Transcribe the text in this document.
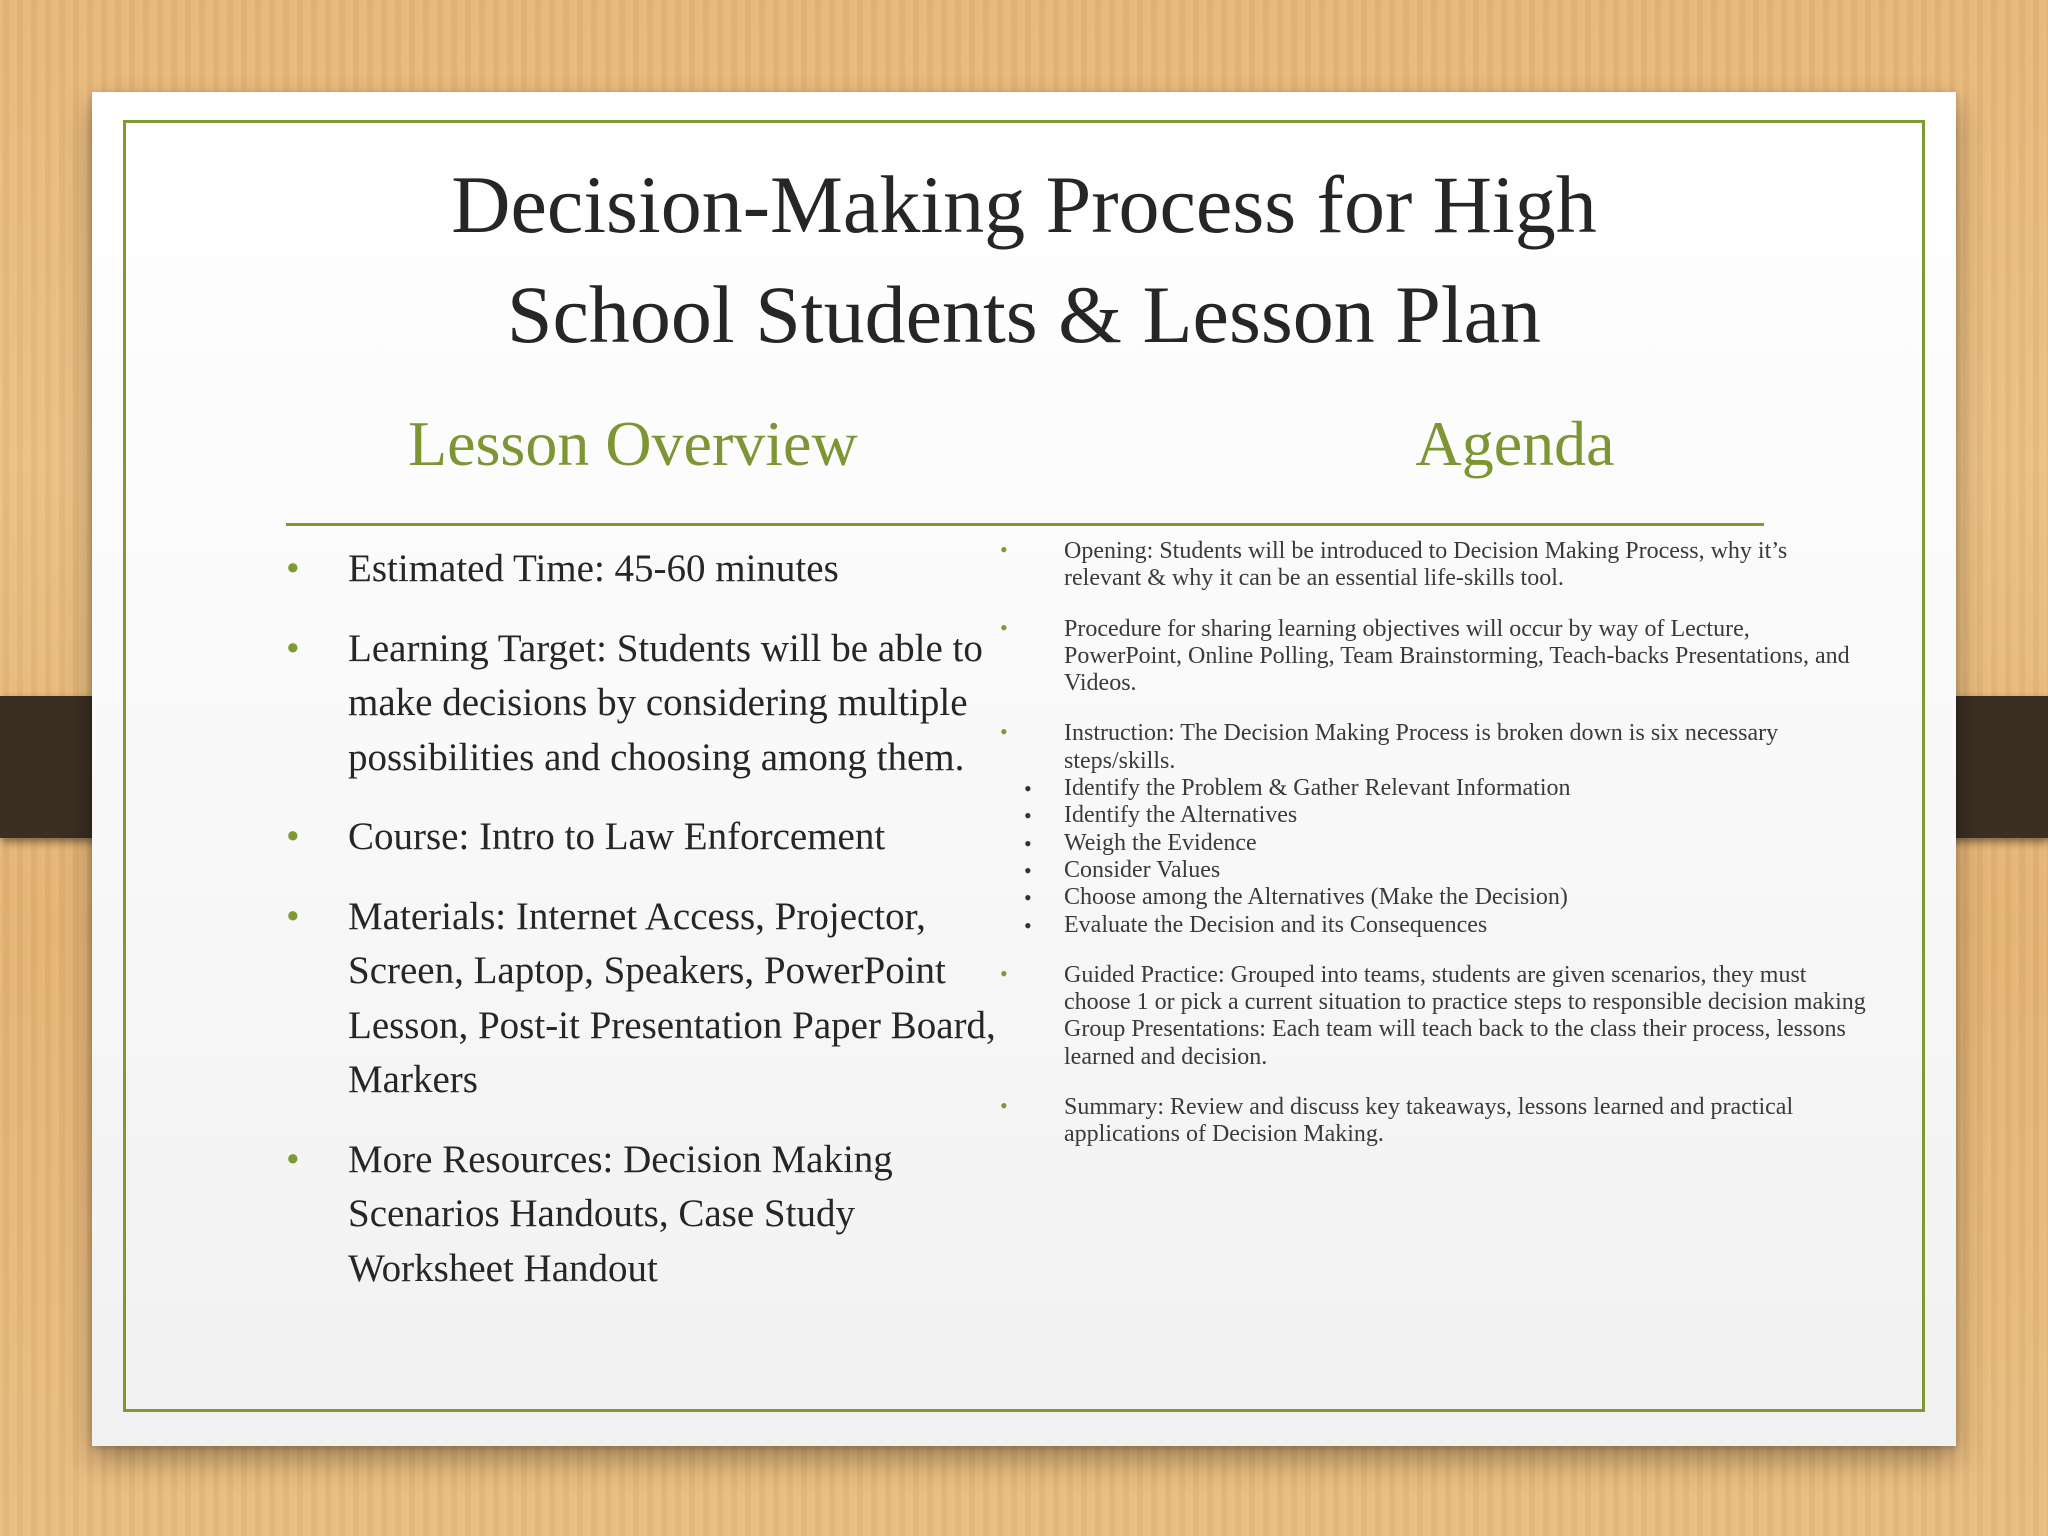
Decision-Making Process for High
School Students & Lesson Plan
Lesson Overview	Agenda
• Estimated Time: 45-60 minutes
• Learning Target: Students will be able to make decisions by considering multiple possibilities and choosing among them.
• Course: Intro to Law Enforcement
• Materials: Internet Access, Projector, Screen, Laptop, Speakers, PowerPoint Lesson, Post-it Presentation Paper Board, Markers
• More Resources: Decision Making Scenarios Handouts, Case Study Worksheet Handout
• Opening: Students will be introduced to Decision Making Process, why it’s relevant & why it can be an essential life-skills tool.
• Procedure for sharing learning objectives will occur by way of Lecture, PowerPoint, Online Polling, Team Brainstorming, Teach-backs Presentations, and Videos.
• Instruction: The Decision Making Process is broken down is six necessary steps/skills.
• Identify the Problem & Gather Relevant Information
• Identify the Alternatives
• Weigh the Evidence
• Consider Values
• Choose among the Alternatives (Make the Decision)
• Evaluate the Decision and its Consequences
• Guided Practice: Grouped into teams, students are given scenarios, they must choose 1 or pick a current situation to practice steps to responsible decision making Group Presentations: Each team will teach back to the class their process, lessons learned and decision.
• Summary: Review and discuss key takeaways, lessons learned and practical applications of Decision Making.
